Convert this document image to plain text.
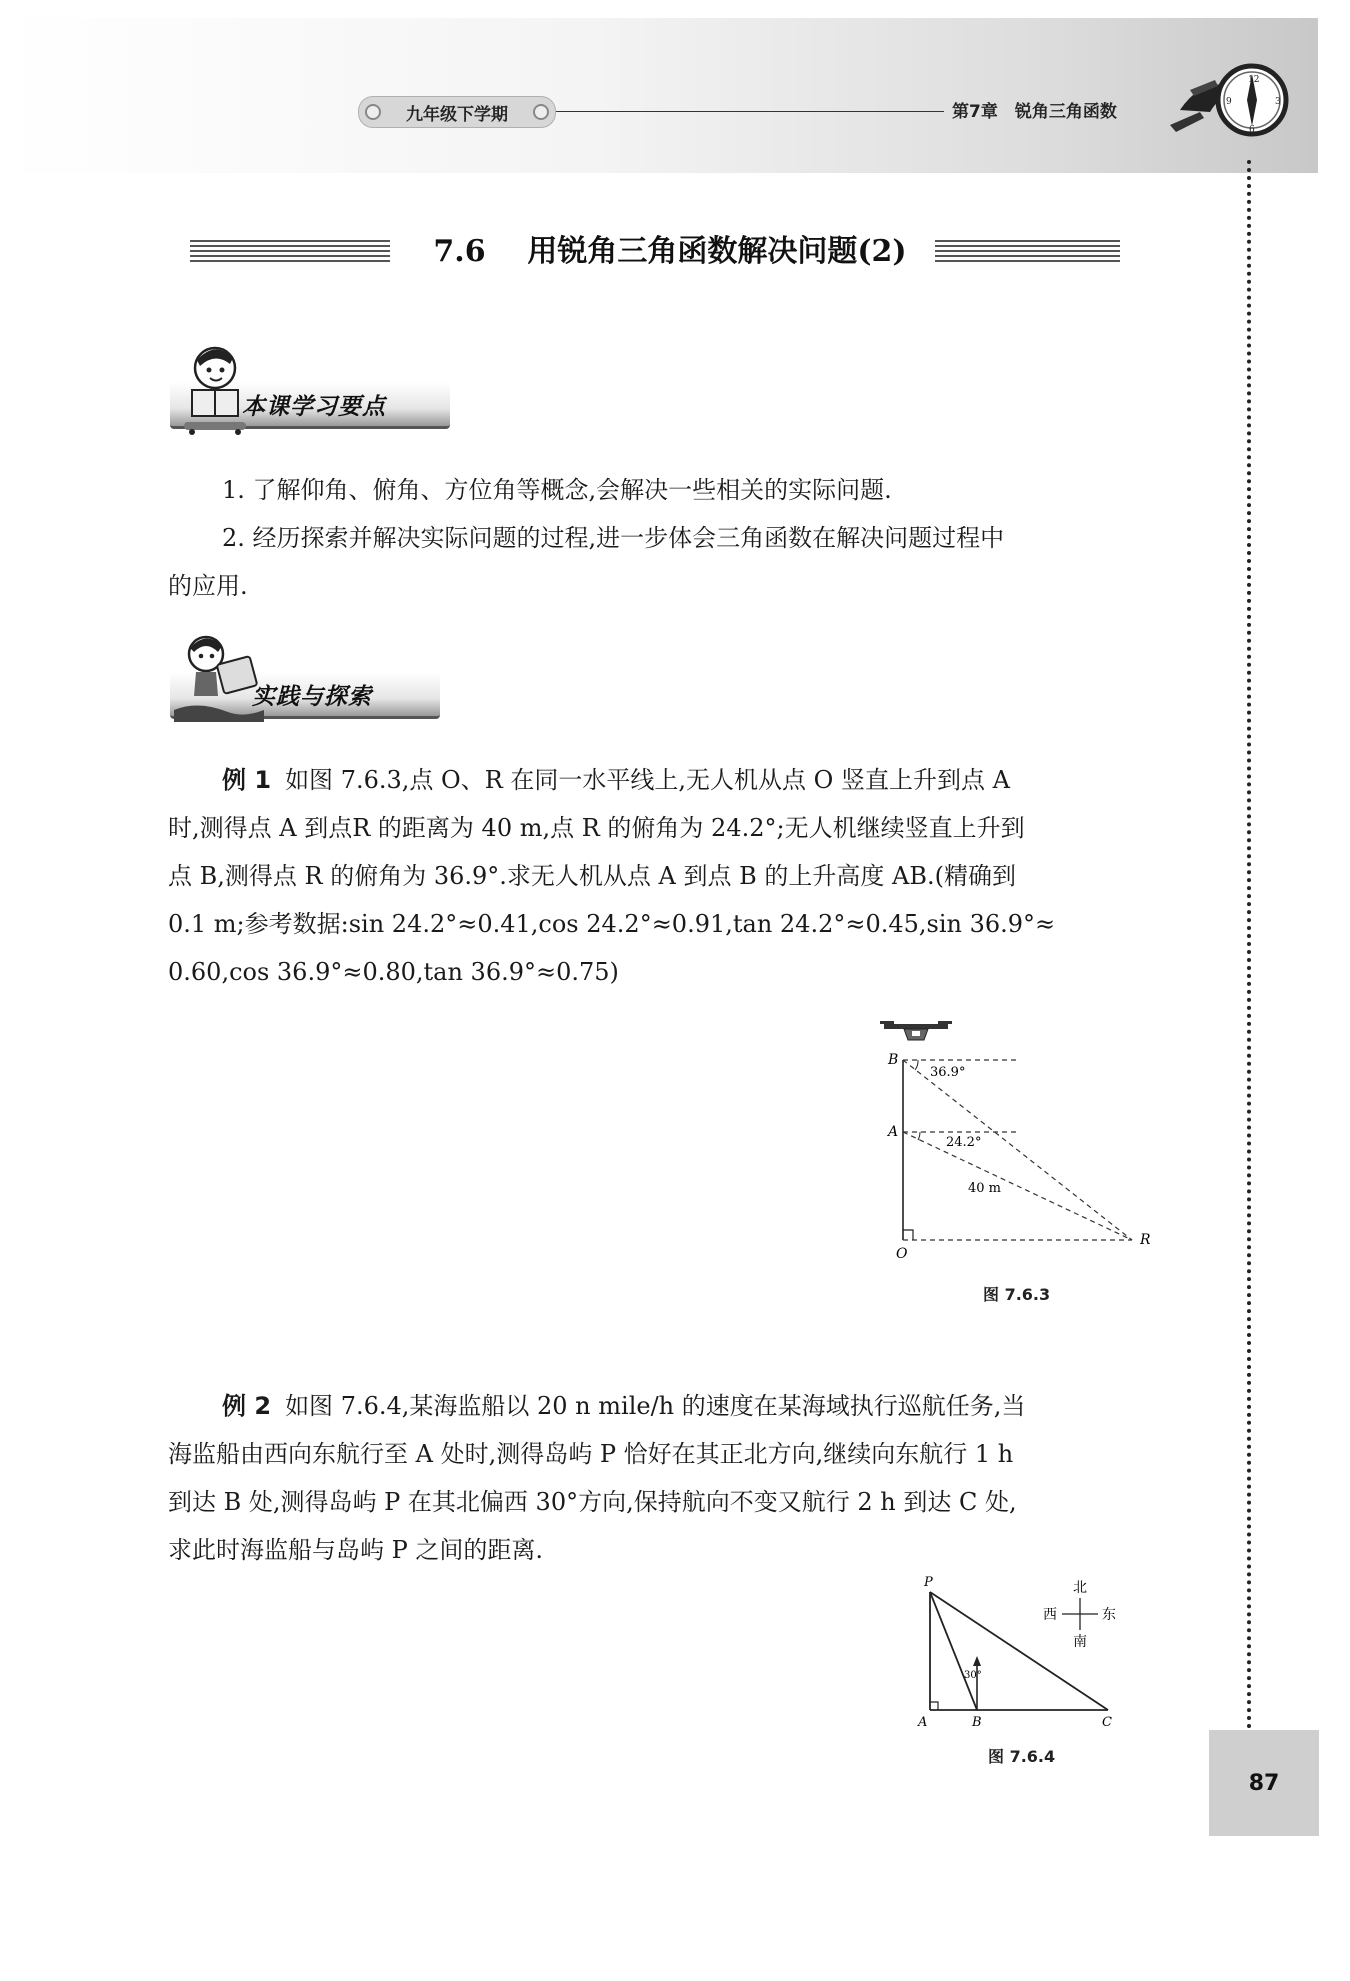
九年级下学期	第7章　锐角三角函数
12
3
6
9
7.6 用锐角三角函数解决问题(2)
本课学习要点
1. 了解仰角、俯角、方位角等概念,会解决一些相关的实际问题.
2. 经历探索并解决实际问题的过程,进一步体会三角函数在解决问题过程中
的应用.
实践与探索
例 1 如图 7.6.3,点 O、R 在同一水平线上,无人机从点 O 竖直上升到点 A
时,测得点 A 到点R 的距离为 40 m,点 R 的俯角为 24.2°;无人机继续竖直上升到
点 B,测得点 R 的俯角为 36.9°.求无人机从点 A 到点 B 的上升高度 AB.(精确到
0.1 m;参考数据:sin 24.2°≈0.41,cos 24.2°≈0.91,tan 24.2°≈0.45,sin 36.9°≈
0.60,cos 36.9°≈0.80,tan 36.9°≈0.75)
B
A
O
R
36.9°
24.2°
40 m
图 7.6.3
例 2 如图 7.6.4,某海监船以 20 n mile/h 的速度在某海域执行巡航任务,当
海监船由西向东航行至 A 处时,测得岛屿 P 恰好在其正北方向,继续向东航行 1 h
到达 B 处,测得岛屿 P 在其北偏西 30°方向,保持航向不变又航行 2 h 到达 C 处,
求此时海监船与岛屿 P 之间的距离.
P
A	B	C
30°
北
南
东
西
图 7.6.4
87
